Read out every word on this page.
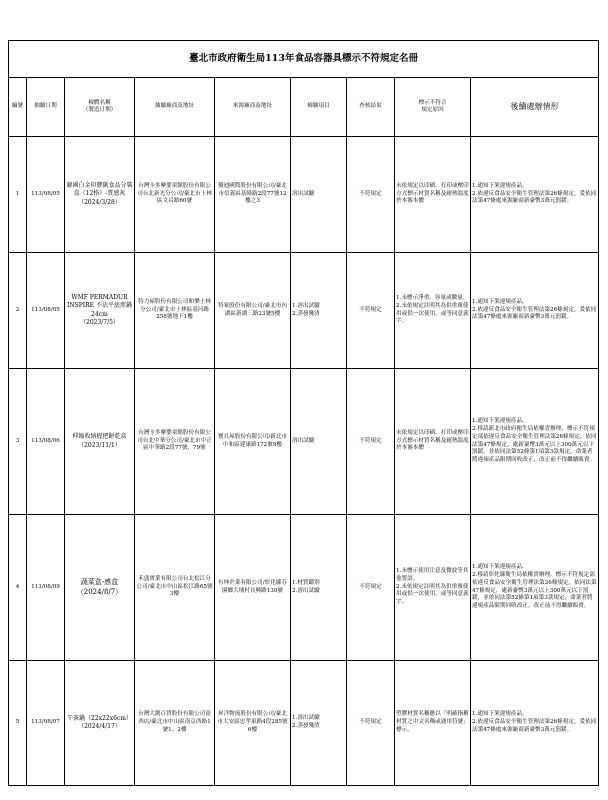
臺北市政府衛生局113年食品容器具標示不符規定名冊								
編號	抽驗日期	檢體名稱
（製造日期）	抽驗廠商及地址	來源廠商及地址	檢驗項目	查核結果	標示不符合
規定原因	後續處辦情形
1	113/08/05	韓國白金印膠副食品分裝盒（12格）-質感灰
（2024/3/28）	台灣卡多摩嬰童館股份有限公司台北新光分公司/臺北市士林區文昌路60號	優迪國際股份有限公司/臺北市信義區基隆路2段77號12樓之3	溶出試驗	不符規定	未依規定以印刷、打印或壓印方式標示材質名稱及耐熱溫度於本審本體	1.通知下架違規產品。
2.依違反食品安全衛生管理法第26條規定，爰依同法第47條處來源廠商新臺幣3萬元罰鍰。
2	113/08/05	WMF PERMADUR INSPIRE 不沾平底煎鍋24cm
（2023/7/5）	特力屋股份有限公司和樂士林分公司/臺北市士林區基河路258號地下1樓	特家股份有限公司/臺北市內湖區新湖三路23號5樓	1.溶出試驗
2.蒸發殘渣	不符規定	1.未標示淨重、容量或數量。
2.未依規定註明其為供重複使用或供一次使用，或等同意義字。	1.通知下架違規產品。
2.依違反食品安全衛生管理法第26條規定，爰依同法第47條處來源廠商新臺幣3萬元罰鍰。
3	113/08/06	伸縮收納握把餅乾盒
（2023/11/1）	台灣卡多摩嬰童館股份有限公司台北中華分公司/臺北市中正區中華路2段77號、79號	寶貝屋股份有限公司/新北市中和區建康路172號9樓	溶出試驗	不符規定	未依規定以印刷、打印或壓印方式標示材質名稱及耐熱溫度於本審本體	1.通知下架違規產品。
2.移請新北市政府衛生局依權責辦理，標示不符規定部依違反食品安全衛生管理法第26條規定，依同法第47條規定，處新臺幣3萬元以上300萬元以下罰鍰，並依同法第52條第1項第3款規定，命業者將違規產品限期回收改正，改正前不得繼續販賣。
4	113/08/09	蔬菜盒-感盒
（2024/8/7）	禾盛實業有限公司台北松江分公司/臺北市中山區松江路65號3樓	有坤企業有限公司/彰化縣芬園鄉大埔村長興路130號	1.材質鑑別
2.溶出試驗	不符規定	1.未標示使用注意及微波等其他警語。
2.未依規定註明其為供重複使用或供一次使用，或等同意義字。	1.通知下架違規產品。
2.移請彰化縣衛生局依權責辦理，標示不符規定部依違反食品安全衛生管理法第26條規定，依同法第47條規定，處新臺幣3萬元以上300萬元以下罰鍰，並依同法第52條第1項第3款規定，命業者將違規產品限期回收改正，改正前不得繼續販賣。
5	113/08/07	午茶鍋（22x22x6cm）
（2024/4/17）	台灣大創百貨股份有限公司南西店/臺北市中山區南京西路1號1、2樓	昇洋物流股份有限公司/臺北市大安區忠孝東路4段285號6樓	1.溶出試驗
2.蒸發殘渣	不符規定	塑膠材質名稱應以「明確指稱材質之中文名稱或通用符號」標示。	1.通知下架違規產品。
2.依違反食品安全衛生管理法第26條規定，爰依同法第47條處來源廠商新臺幣3萬元罰鍰。
